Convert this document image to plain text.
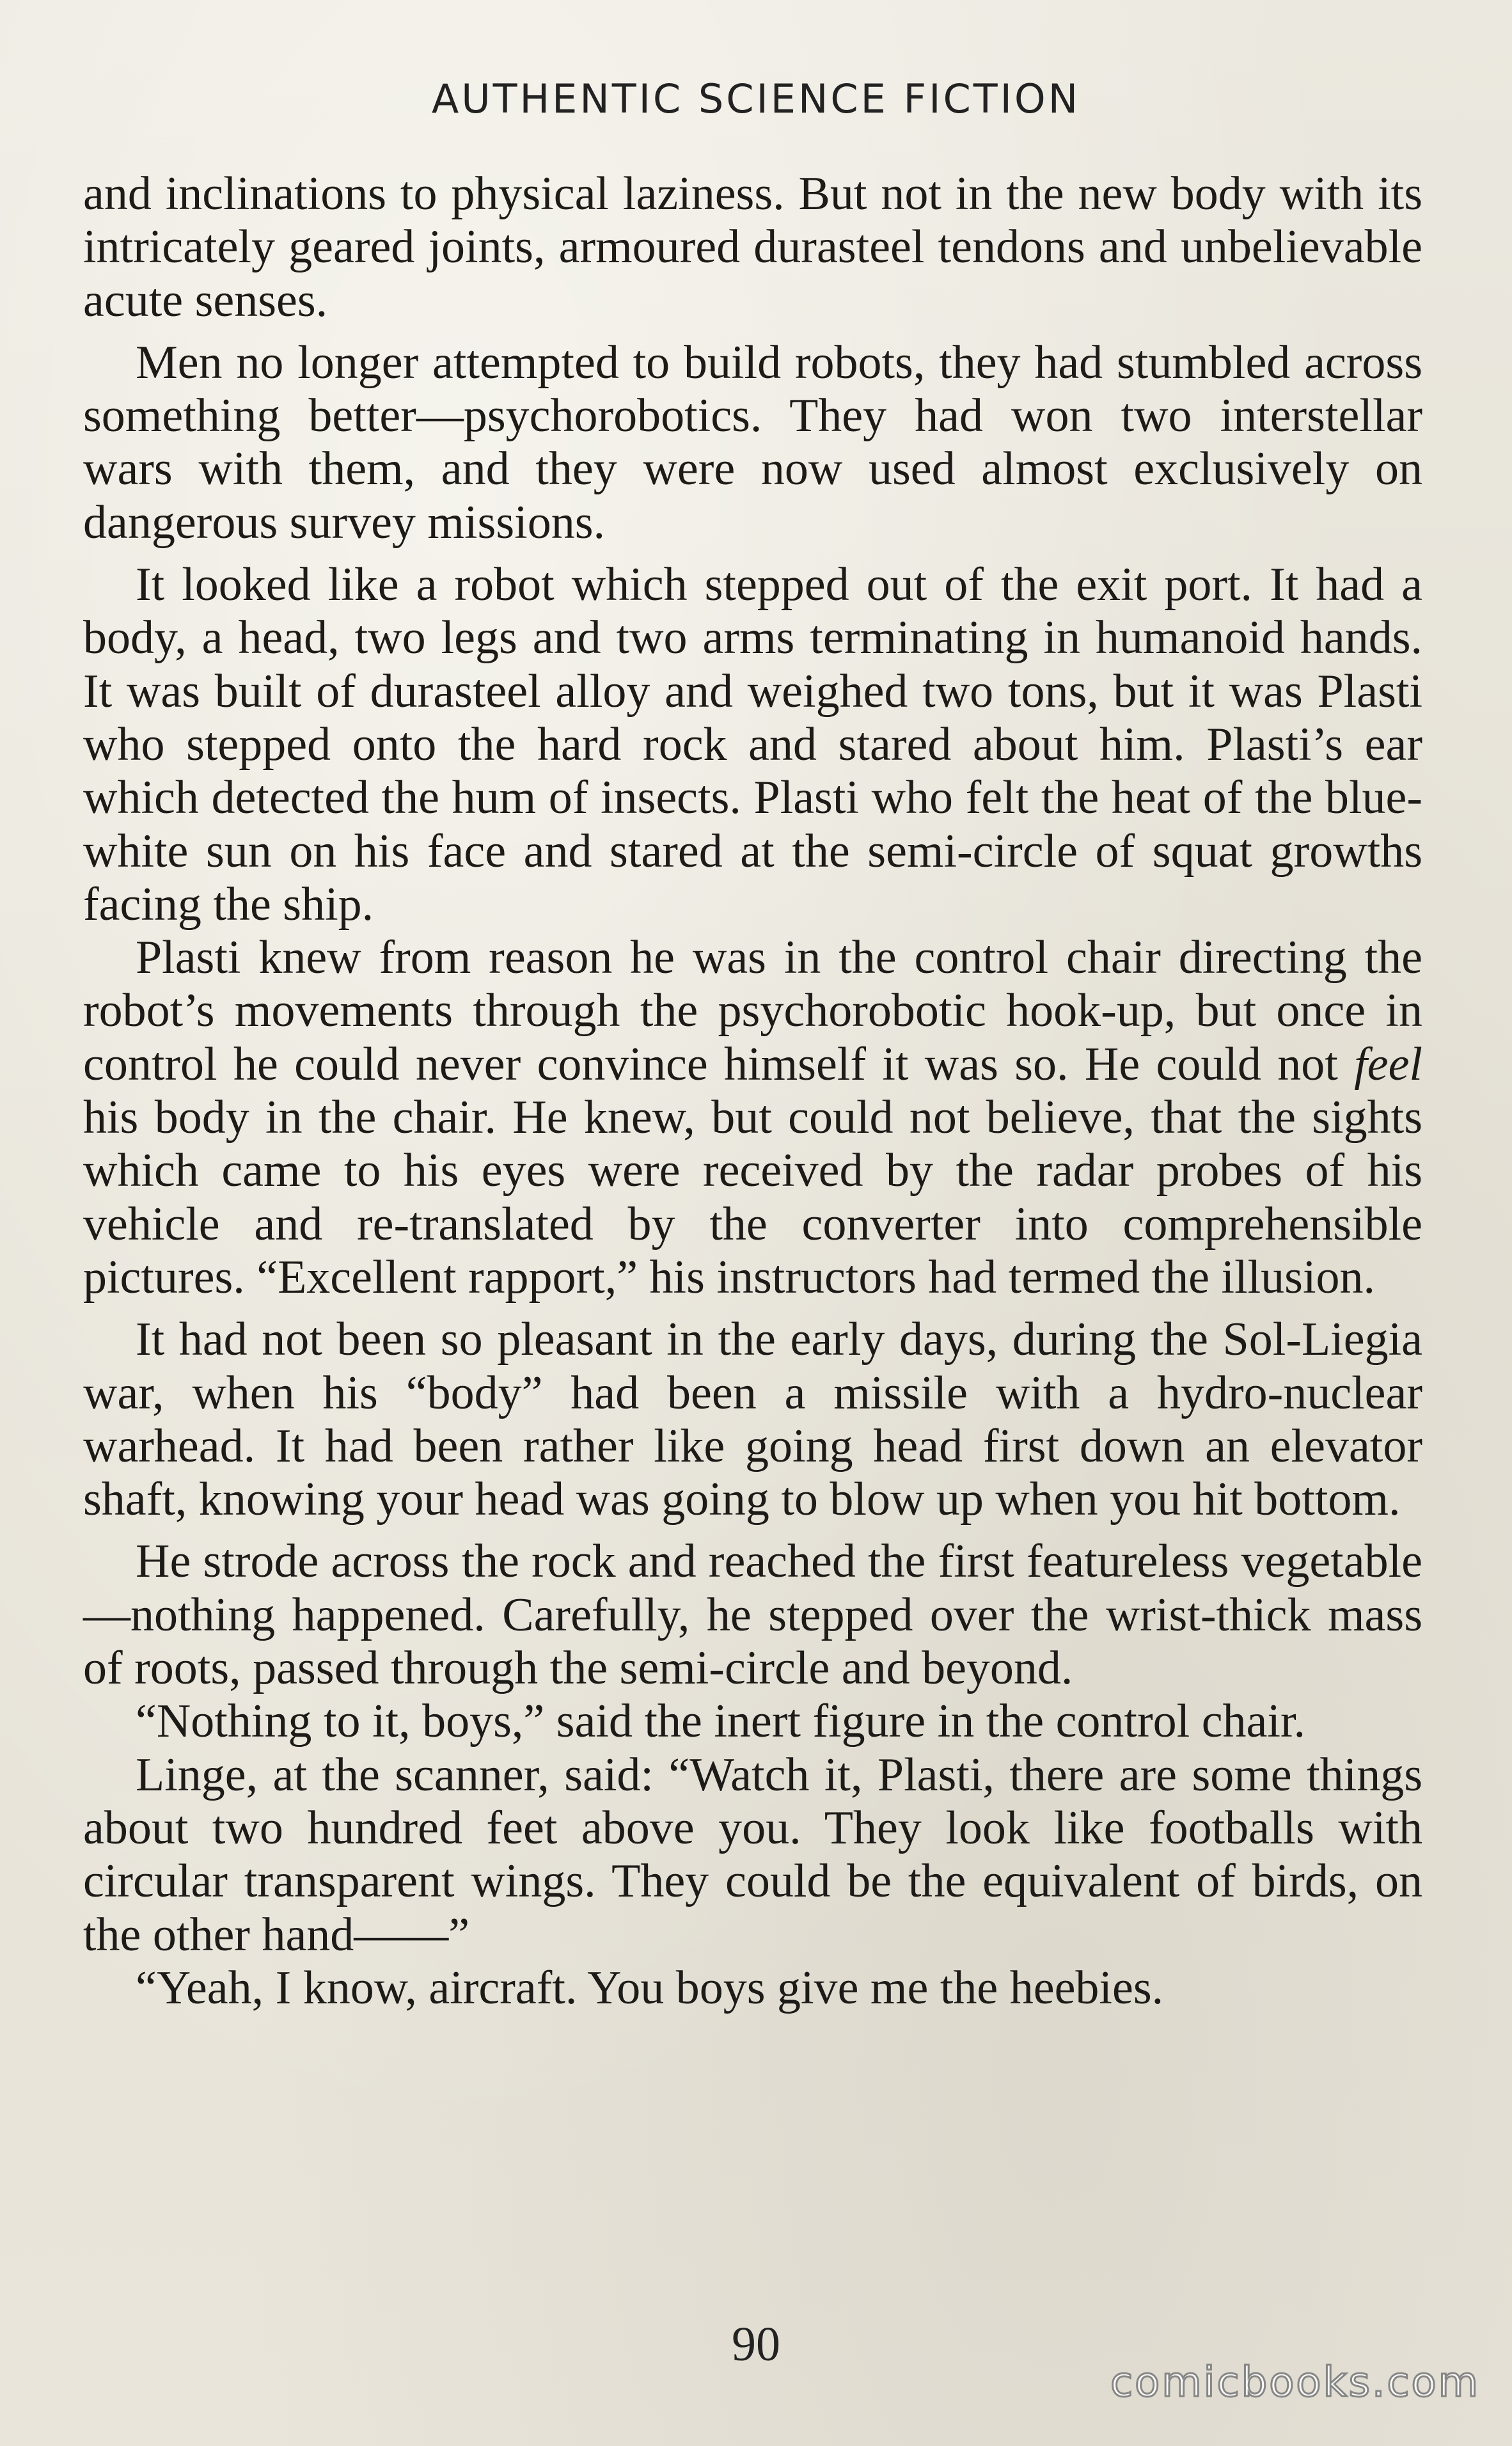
AUTHENTIC SCIENCE FICTION

and inclinations to physical laziness. But not in the new body with its intricately geared joints, armoured durasteel tendons and unbelievable acute senses.

Men no longer attempted to build robots, they had stumbled across something better—psychorobotics. They had won two interstellar wars with them, and they were now used almost exclusively on dangerous survey missions.

It looked like a robot which stepped out of the exit port. It had a body, a head, two legs and two arms terminating in humanoid hands. It was built of durasteel alloy and weighed two tons, but it was Plasti who stepped onto the hard rock and stared about him. Plasti’s ear which detected the hum of insects. Plasti who felt the heat of the blue-white sun on his face and stared at the semi-circle of squat growths facing the ship.

Plasti knew from reason he was in the control chair directing the robot’s movements through the psychorobotic hook-up, but once in control he could never convince himself it was so. He could not feel his body in the chair. He knew, but could not believe, that the sights which came to his eyes were received by the radar probes of his vehicle and re-translated by the converter into comprehensible pictures. “Excellent rapport,” his instructors had termed the illusion.

It had not been so pleasant in the early days, during the Sol-Liegia war, when his “body” had been a missile with a hydro-nuclear warhead. It had been rather like going head first down an elevator shaft, knowing your head was going to blow up when you hit bottom.

He strode across the rock and reached the first featureless vegetable—nothing happened. Carefully, he stepped over the wrist-thick mass of roots, passed through the semi-circle and beyond.

“Nothing to it, boys,” said the inert figure in the control chair.

Linge, at the scanner, said: “Watch it, Plasti, there are some things about two hundred feet above you. They look like footballs with circular transparent wings. They could be the equivalent of birds, on the other hand——”

“Yeah, I know, aircraft. You boys give me the heebies.

90
comicbooks.com
